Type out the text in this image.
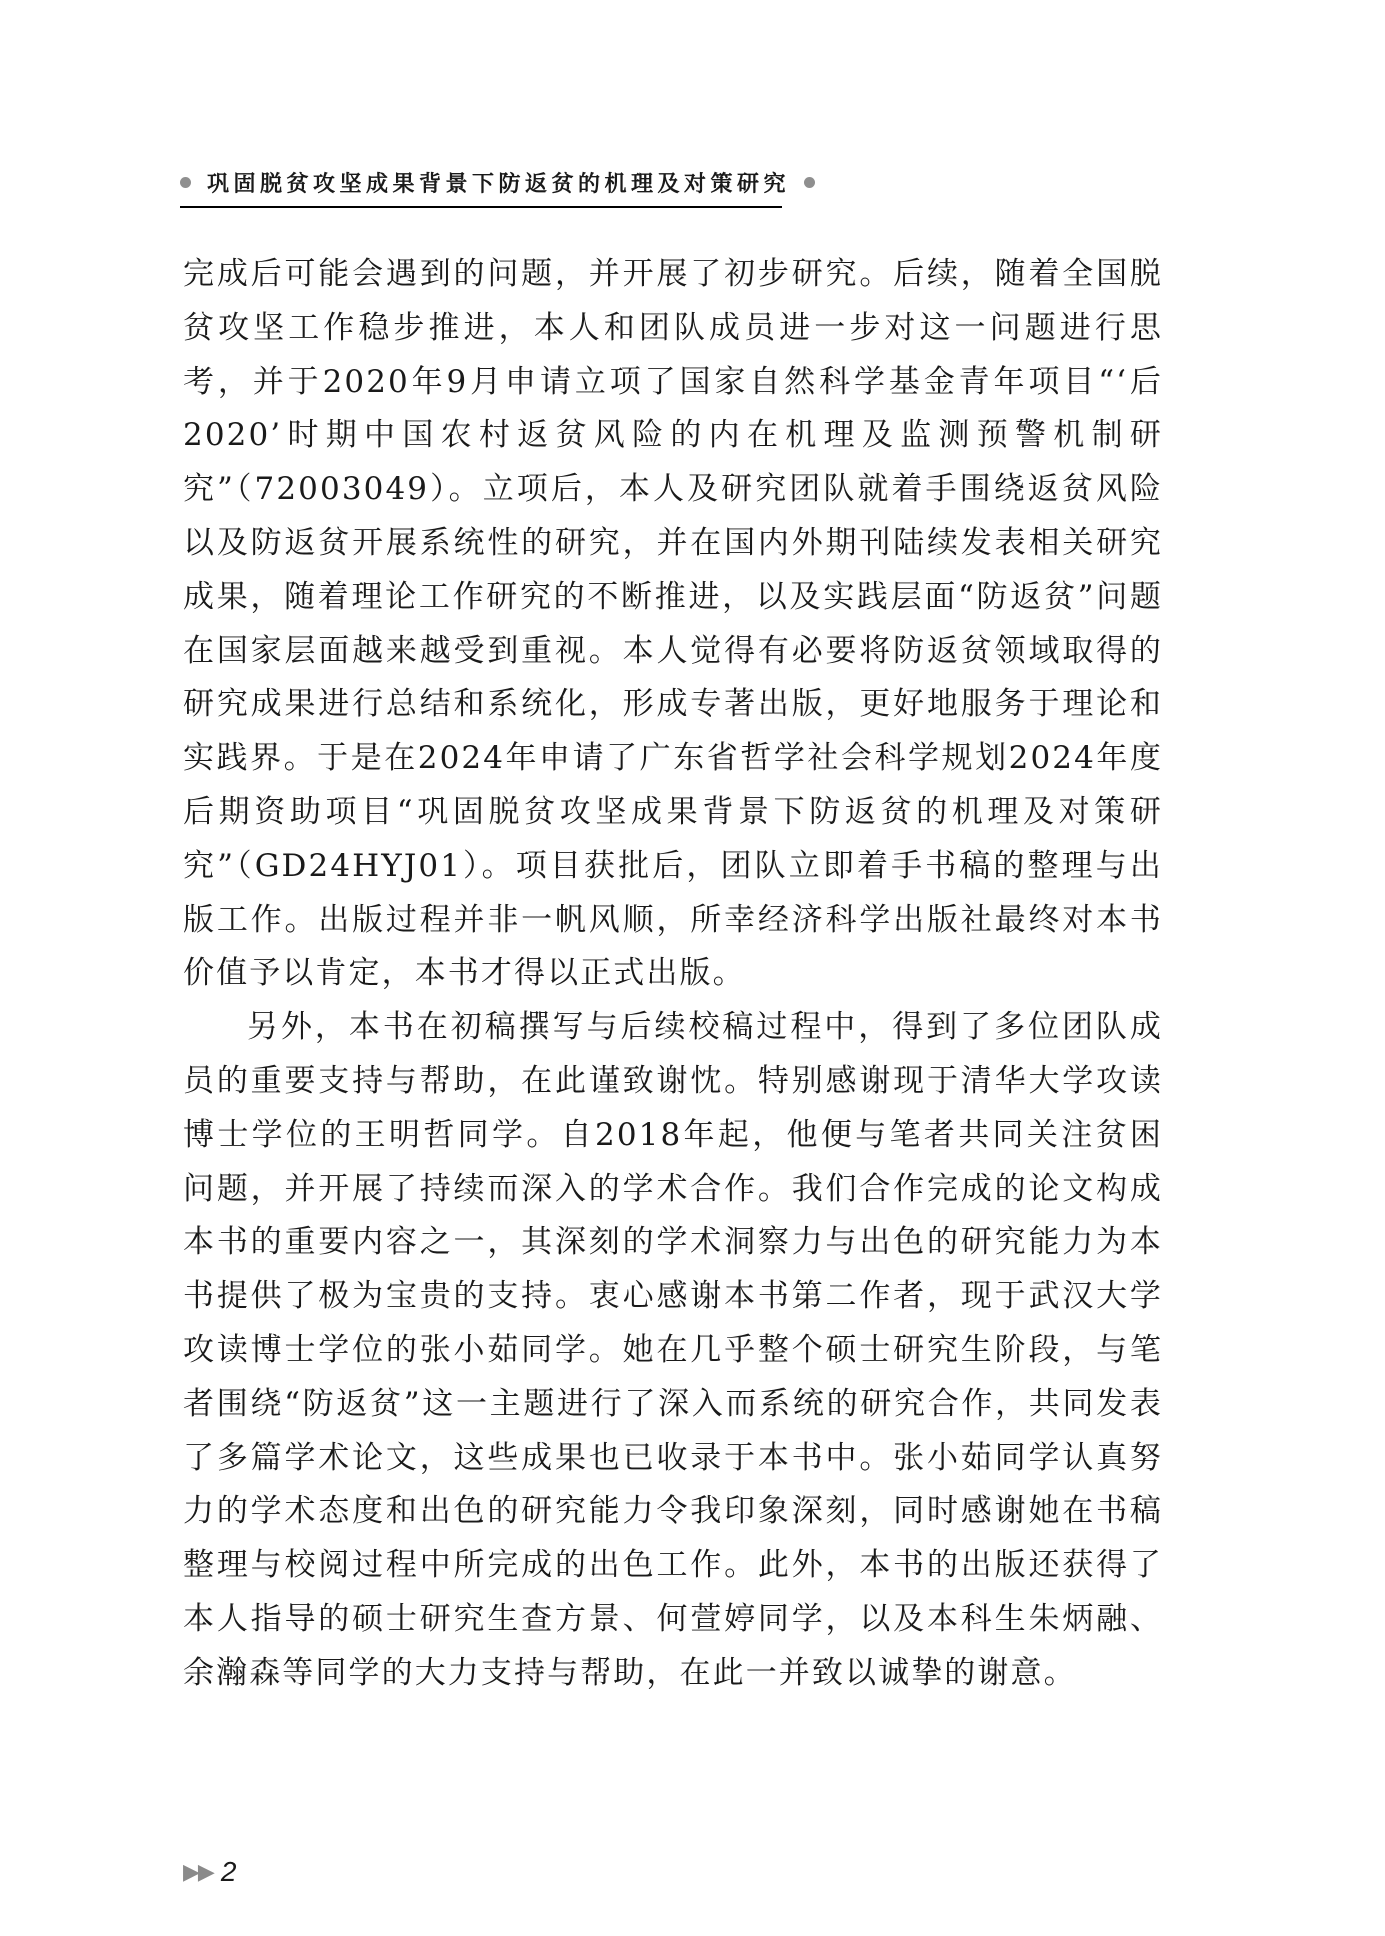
巩固脱贫攻坚成果背景下防返贫的机理及对策研究

完成后可能会遇到的问题，并开展了初步研究。后续，随着全国脱贫攻坚工作稳步推进，本人和团队成员进一步对这一问题进行思考，并于2020年9月申请立项了国家自然科学基金青年项目“‘后2020’时期中国农村返贫风险的内在机理及监测预警机制研究”（72003049）。立项后，本人及研究团队就着手围绕返贫风险以及防返贫开展系统性的研究，并在国内外期刊陆续发表相关研究成果，随着理论工作研究的不断推进，以及实践层面“防返贫”问题在国家层面越来越受到重视。本人觉得有必要将防返贫领域取得的研究成果进行总结和系统化，形成专著出版，更好地服务于理论和实践界。于是在2024年申请了广东省哲学社会科学规划2024年度后期资助项目“巩固脱贫攻坚成果背景下防返贫的机理及对策研究”（GD24HYJ01）。项目获批后，团队立即着手书稿的整理与出版工作。出版过程并非一帆风顺，所幸经济科学出版社最终对本书价值予以肯定，本书才得以正式出版。

另外，本书在初稿撰写与后续校稿过程中，得到了多位团队成员的重要支持与帮助，在此谨致谢忱。特别感谢现于清华大学攻读博士学位的王明哲同学。自2018年起，他便与笔者共同关注贫困问题，并开展了持续而深入的学术合作。我们合作完成的论文构成本书的重要内容之一，其深刻的学术洞察力与出色的研究能力为本书提供了极为宝贵的支持。衷心感谢本书第二作者，现于武汉大学攻读博士学位的张小茹同学。她在几乎整个硕士研究生阶段，与笔者围绕“防返贫”这一主题进行了深入而系统的研究合作，共同发表了多篇学术论文，这些成果也已收录于本书中。张小茹同学认真努力的学术态度和出色的研究能力令我印象深刻，同时感谢她在书稿整理与校阅过程中所完成的出色工作。此外，本书的出版还获得了本人指导的硕士研究生查方景、何萱婷同学，以及本科生朱炳融、余瀚森等同学的大力支持与帮助，在此一并致以诚挚的谢意。

▶▶ 2
